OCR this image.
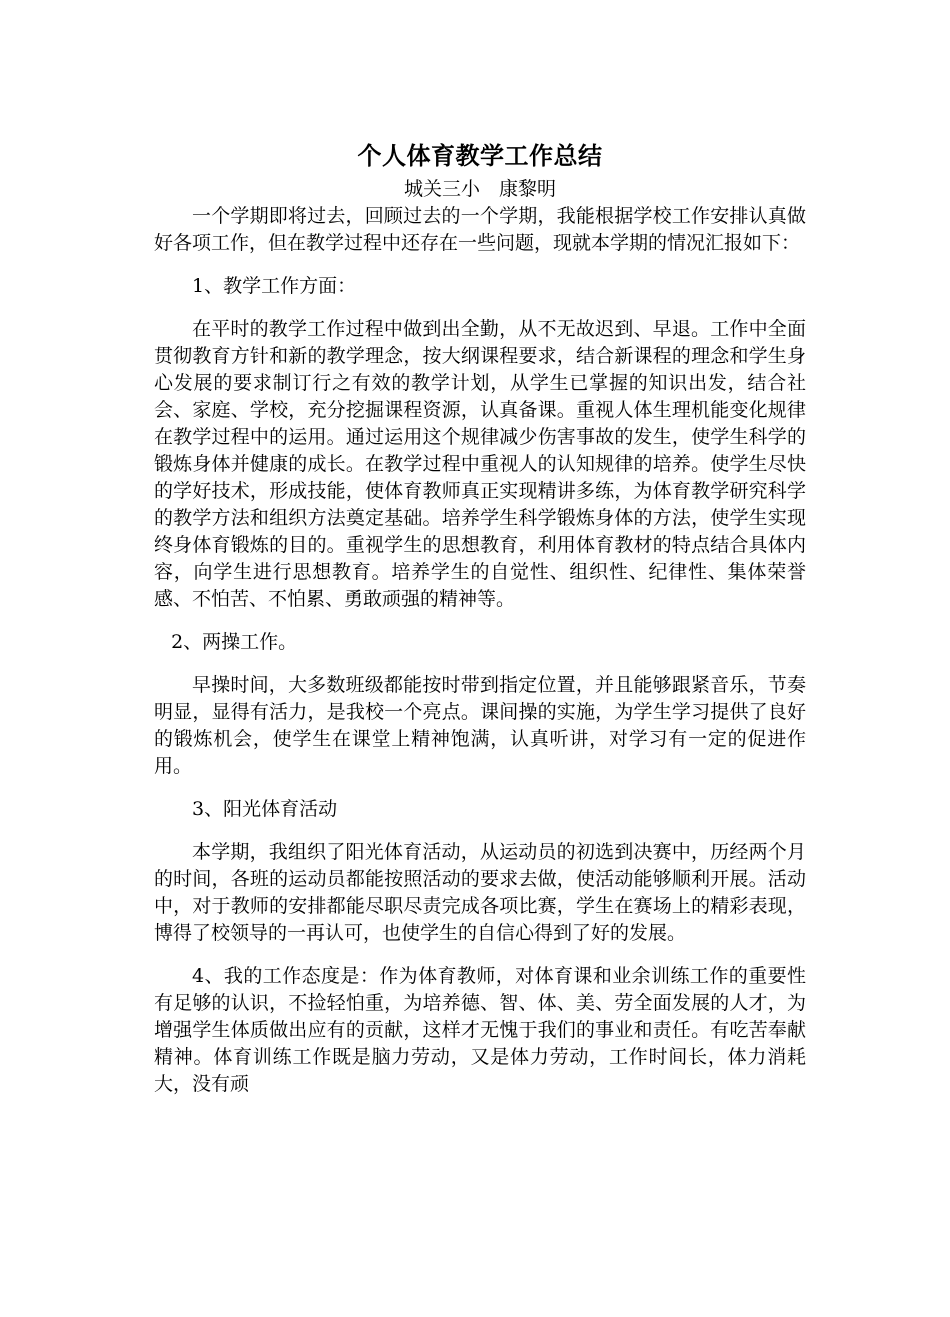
个人体育教学工作总结

城关三小　康黎明

一个学期即将过去，回顾过去的一个学期，我能根据学校工作安排认真做好各项工作，但在教学过程中还存在一些问题，现就本学期的情况汇报如下：

1、教学工作方面：

在平时的教学工作过程中做到出全勤，从不无故迟到、早退。工作中全面贯彻教育方针和新的教学理念，按大纲课程要求，结合新课程的理念和学生身心发展的要求制订行之有效的教学计划，从学生已掌握的知识出发，结合社会、家庭、学校，充分挖掘课程资源，认真备课。重视人体生理机能变化规律在教学过程中的运用。通过运用这个规律减少伤害事故的发生，使学生科学的锻炼身体并健康的成长。在教学过程中重视人的认知规律的培养。使学生尽快的学好技术，形成技能，使体育教师真正实现精讲多练，为体育教学研究科学的教学方法和组织方法奠定基础。培养学生科学锻炼身体的方法，使学生实现终身体育锻炼的目的。重视学生的思想教育，利用体育教材的特点结合具体内容，向学生进行思想教育。培养学生的自觉性、组织性、纪律性、集体荣誉感、不怕苦、不怕累、勇敢顽强的精神等。

2、两操工作。

早操时间，大多数班级都能按时带到指定位置，并且能够跟紧音乐，节奏明显，显得有活力，是我校一个亮点。课间操的实施，为学生学习提供了良好的锻炼机会，使学生在课堂上精神饱满，认真听讲，对学习有一定的促进作用。

3、阳光体育活动

本学期，我组织了阳光体育活动，从运动员的初选到决赛中，历经两个月的时间，各班的运动员都能按照活动的要求去做，使活动能够顺利开展。活动中，对于教师的安排都能尽职尽责完成各项比赛，学生在赛场上的精彩表现，博得了校领导的一再认可，也使学生的自信心得到了好的发展。

4、我的工作态度是：作为体育教师，对体育课和业余训练工作的重要性有足够的认识，不捡轻怕重，为培养德、智、体、美、劳全面发展的人才，为增强学生体质做出应有的贡献，这样才无愧于我们的事业和责任。有吃苦奉献精神。体育训练工作既是脑力劳动，又是体力劳动，工作时间长，体力消耗大，没有顽
